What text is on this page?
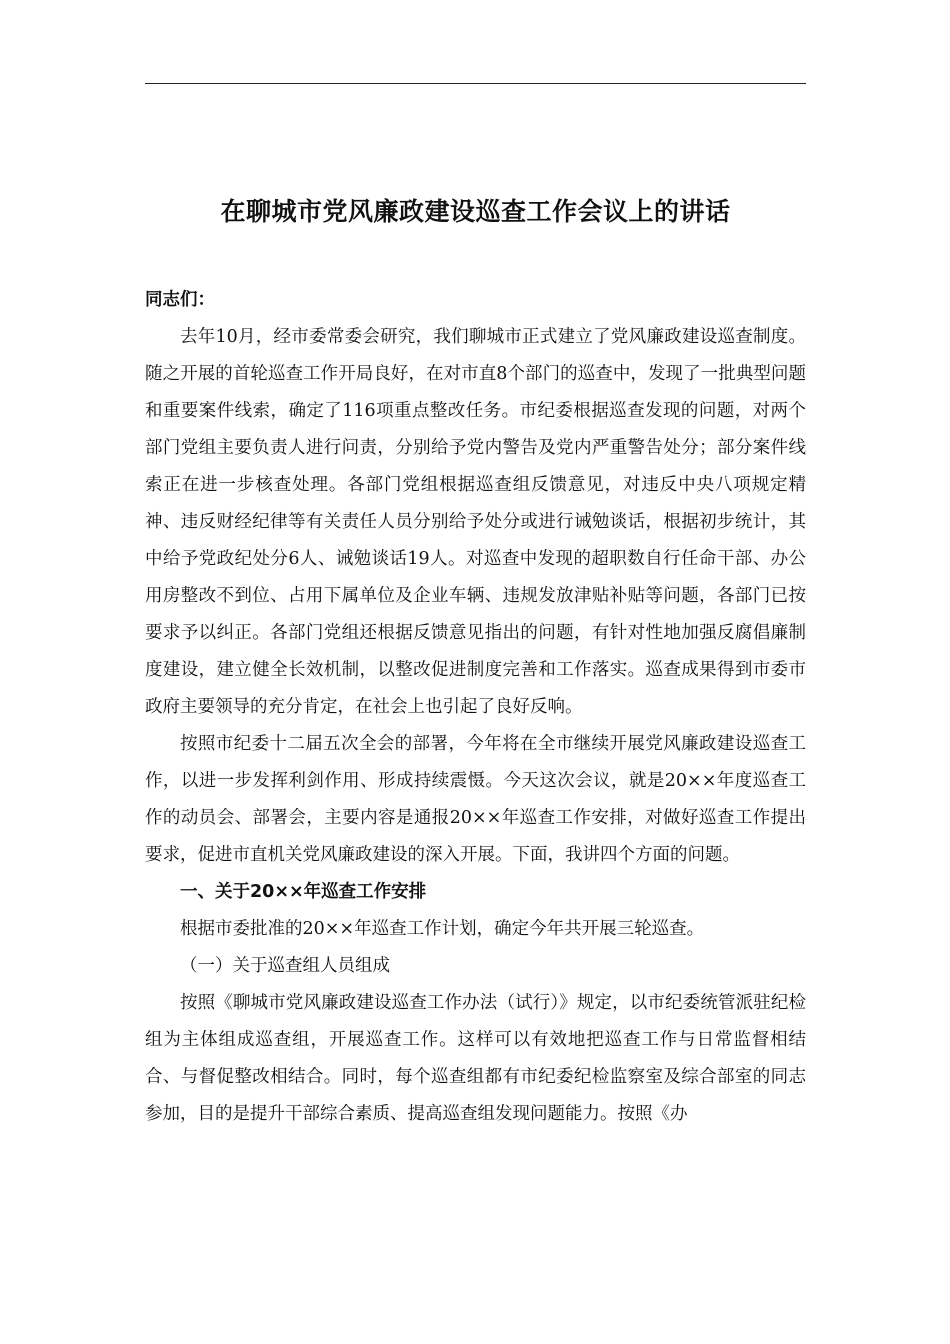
在聊城市党风廉政建设巡查工作会议上的讲话

同志们：

去年10月，经市委常委会研究，我们聊城市正式建立了党风廉政建设巡查制度。随之开展的首轮巡查工作开局良好，在对市直8个部门的巡查中，发现了一批典型问题和重要案件线索，确定了116项重点整改任务。市纪委根据巡查发现的问题，对两个部门党组主要负责人进行问责，分别给予党内警告及党内严重警告处分；部分案件线索正在进一步核查处理。各部门党组根据巡查组反馈意见，对违反中央八项规定精神、违反财经纪律等有关责任人员分别给予处分或进行诫勉谈话，根据初步统计，其中给予党政纪处分6人、诫勉谈话19人。对巡查中发现的超职数自行任命干部、办公用房整改不到位、占用下属单位及企业车辆、违规发放津贴补贴等问题，各部门已按要求予以纠正。各部门党组还根据反馈意见指出的问题，有针对性地加强反腐倡廉制度建设，建立健全长效机制，以整改促进制度完善和工作落实。巡查成果得到市委市政府主要领导的充分肯定，在社会上也引起了良好反响。

按照市纪委十二届五次全会的部署，今年将在全市继续开展党风廉政建设巡查工作，以进一步发挥利剑作用、形成持续震慑。今天这次会议，就是20××年度巡查工作的动员会、部署会，主要内容是通报20××年巡查工作安排，对做好巡查工作提出要求，促进市直机关党风廉政建设的深入开展。下面，我讲四个方面的问题。

一、关于20××年巡查工作安排

根据市委批准的20××年巡查工作计划，确定今年共开展三轮巡查。

（一）关于巡查组人员组成

按照《聊城市党风廉政建设巡查工作办法（试行）》规定，以市纪委统管派驻纪检组为主体组成巡查组，开展巡查工作。这样可以有效地把巡查工作与日常监督相结合、与督促整改相结合。同时，每个巡查组都有市纪委纪检监察室及综合部室的同志参加，目的是提升干部综合素质、提高巡查组发现问题能力。按照《办
